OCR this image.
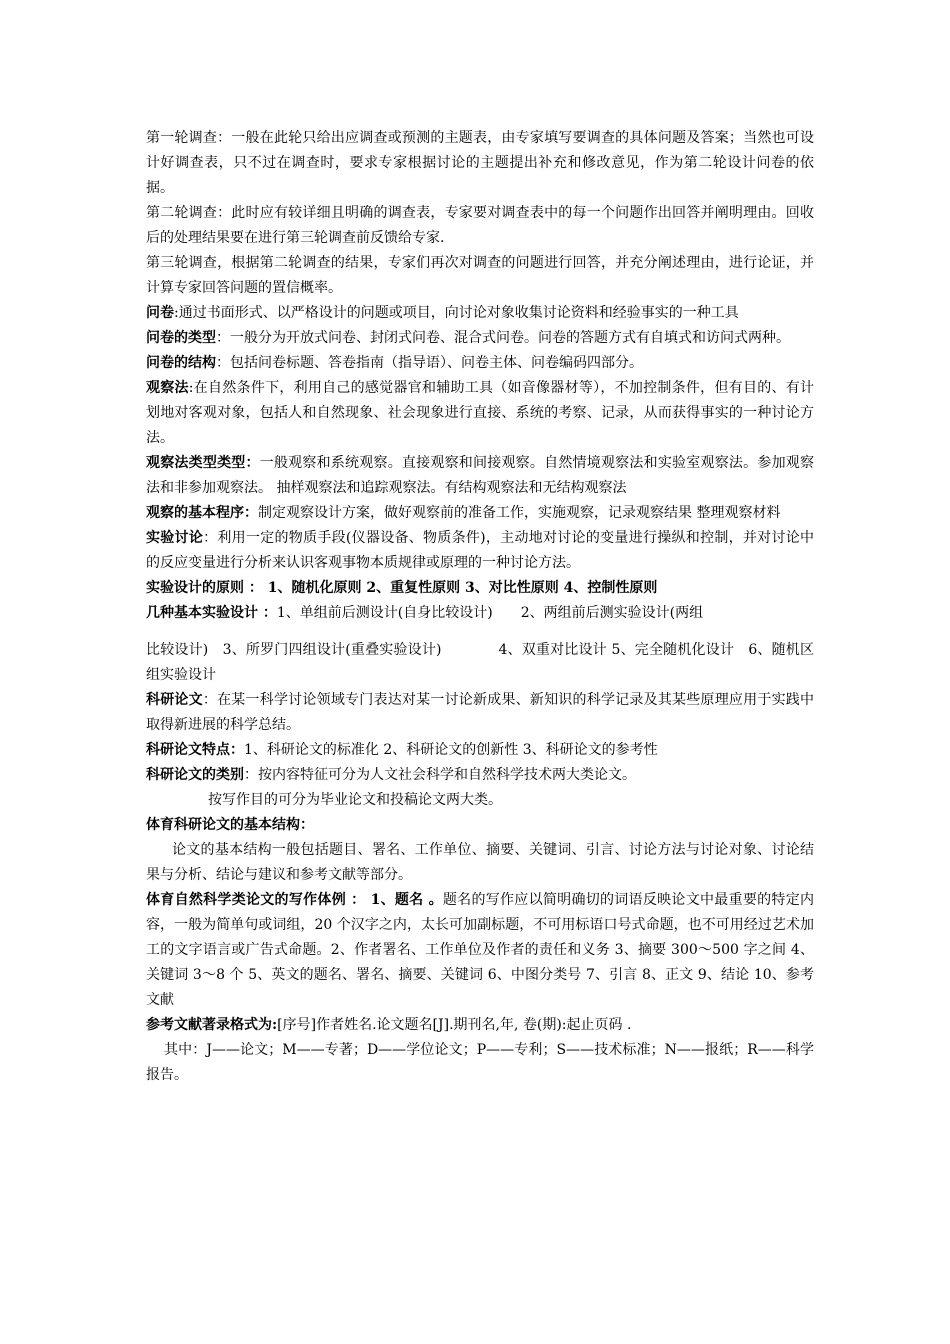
第一轮调查：一般在此轮只给出应调查或预测的主题表，由专家填写要调查的具体问题及答案；当然也可设计好调查表，只不过在调查时，要求专家根据讨论的主题提出补充和修改意见，作为第二轮设计问卷的依据。

第二轮调查：此时应有较详细且明确的调查表，专家要对调查表中的每一个问题作出回答并阐明理由。回收后的处理结果要在进行第三轮调查前反馈给专家.

第三轮调查，根据第二轮调查的结果，专家们再次对调查的问题进行回答，并充分阐述理由，进行论证，并计算专家回答问题的置信概率。

问卷:通过书面形式、以严格设计的问题或项目，向讨论对象收集讨论资料和经验事实的一种工具

问卷的类型：一般分为开放式问卷、封闭式问卷、混合式问卷。问卷的答题方式有自填式和访问式两种。

问卷的结构：包括问卷标题、答卷指南（指导语）、问卷主体、问卷编码四部分。

观察法:在自然条件下，利用自己的感觉器官和辅助工具（如音像器材等），不加控制条件，但有目的、有计划地对客观对象，包括人和自然现象、社会现象进行直接、系统的考察、记录，从而获得事实的一种讨论方法。

观察法类型类型：一般观察和系统观察。直接观察和间接观察。自然情境观察法和实验室观察法。参加观察法和非参加观察法。 抽样观察法和追踪观察法。有结构观察法和无结构观察法

观察的基本程序：制定观察设计方案，做好观察前的准备工作，实施观察，记录观察结果 整理观察材料

实验讨论：利用一定的物质手段(仪器设备、物质条件)，主动地对讨论的变量进行操纵和控制，并对讨论中的反应变量进行分析来认识客观事物本质规律或原理的一种讨论方法。

实验设计的原则 ： 1、随机化原则 2、重复性原则 3、对比性原则 4、控制性原则

几种基本实验设计 ：1、单组前后测设计(自身比较设计)　　2、两组前后测实验设计(两组

比较设计)　3、所罗门四组设计(重叠实验设计)　　　　4、双重对比设计 5、完全随机化设计　6、随机区组实验设计

科研论文：在某一科学讨论领域专门表达对某一讨论新成果、新知识的科学记录及其某些原理应用于实践中取得新进展的科学总结。

科研论文特点：1、科研论文的标准化 2、科研论文的创新性 3、科研论文的参考性

科研论文的类别：按内容特征可分为人文社会科学和自然科学技术两大类论文。

按写作目的可分为毕业论文和投稿论文两大类。

体育科研论文的基本结构：

论文的基本结构一般包括题目、署名、工作单位、摘要、关键词、引言、讨论方法与讨论对象、讨论结果与分析、结论与建议和参考文献等部分。

体育自然科学类论文的写作体例 ： 1、题名 。题名的写作应以简明确切的词语反映论文中最重要的特定内容，一般为简单句或词组，20 个汉字之内，太长可加副标题，不可用标语口号式命题，也不可用经过艺术加工的文字语言或广告式命题。2、作者署名、工作单位及作者的责任和义务 3、摘要 300～500 字之间 4、关键词 3～8 个 5、英文的题名、署名、摘要、关键词 6、中图分类号 7、引言 8、正文 9、结论 10、参考文献

参考文献著录格式为:[序号]作者姓名.论文题名[J].期刊名,年, 卷(期):起止页码 .

其中：J——论文；M——专著；D——学位论文；P——专利；S——技术标准；N——报纸；R——科学报告。
